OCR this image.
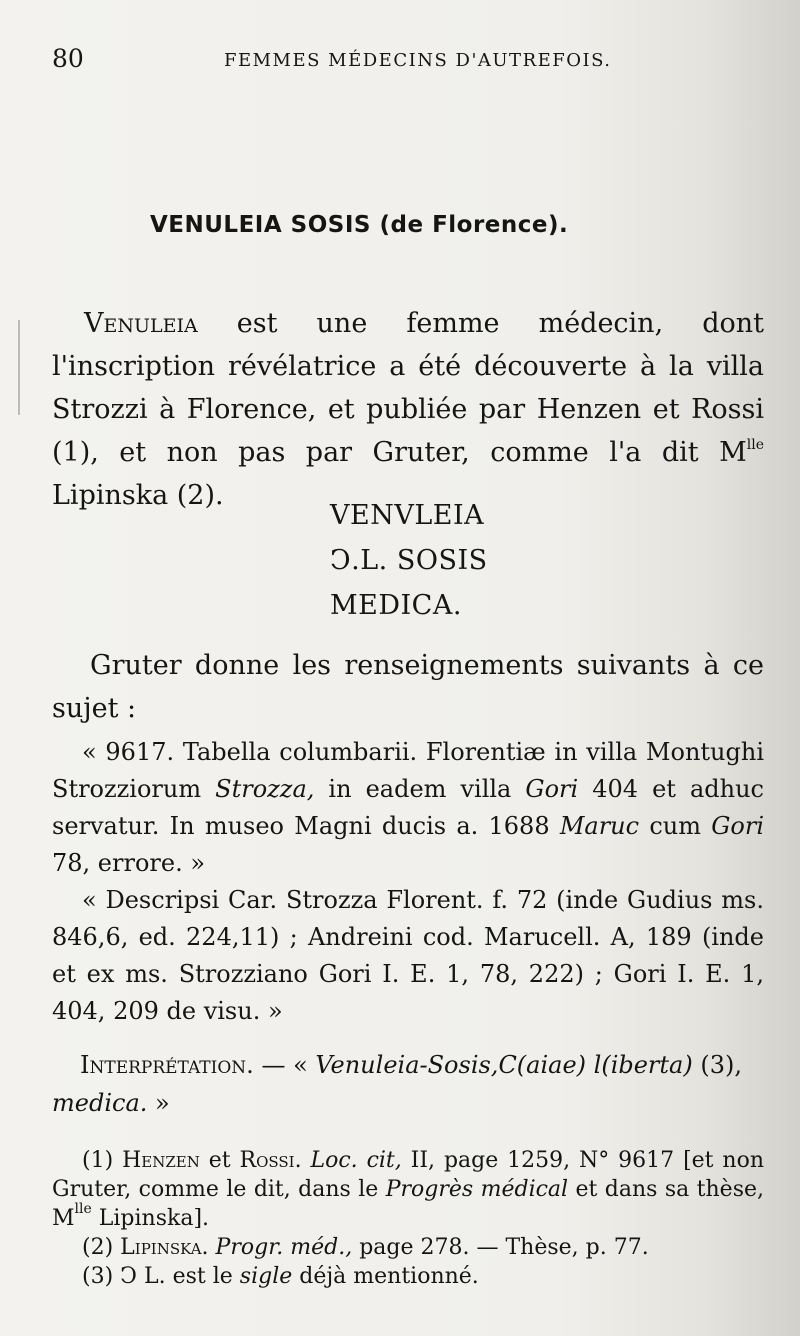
80	FEMMES MÉDECINS D'AUTREFOIS.
VENULEIA SOSIS (de Florence).

Venuleia est une femme médecin, dont l'inscription révélatrice a été découverte à la villa Strozzi à Florence, et publiée par Henzen et Rossi (1), et non pas par Gruter, comme l'a dit $M^{lle}$ Lipinska (2).

VENVLEIA
Ↄ.L. SOSIS
MEDICA.

Gruter donne les renseignements suivants à ce sujet :

« 9617. Tabella columbarii. Florentiæ in villa Montughi Strozziorum Strozza, in eadem villa Gori 404 et adhuc servatur. In museo Magni ducis a. 1688 Maruc cum Gori 78, errore. »

« Descripsi Car. Strozza Florent. f. 72 (inde Gudius ms. 846,6, ed. 224,11) ; Andreini cod. Marucell. A, 189 (inde et ex ms. Strozziano Gori I. E. 1, 78, 222) ; Gori I. E. 1, 404, 209 de visu. »

Interprétation. — « Venuleia-Sosis,C(aiae) l(iberta) (3), medica. »

(1) Henzen et Rossi. Loc. cit, II, page 1259, N° 9617 [et non Gruter, comme le dit, dans le Progrès médical et dans sa thèse, $M^{lle}$ Lipinska].

(2) Lipinska. Progr. méd., page 278. — Thèse, p. 77.

(3) Ↄ L. est le sigle déjà mentionné.
